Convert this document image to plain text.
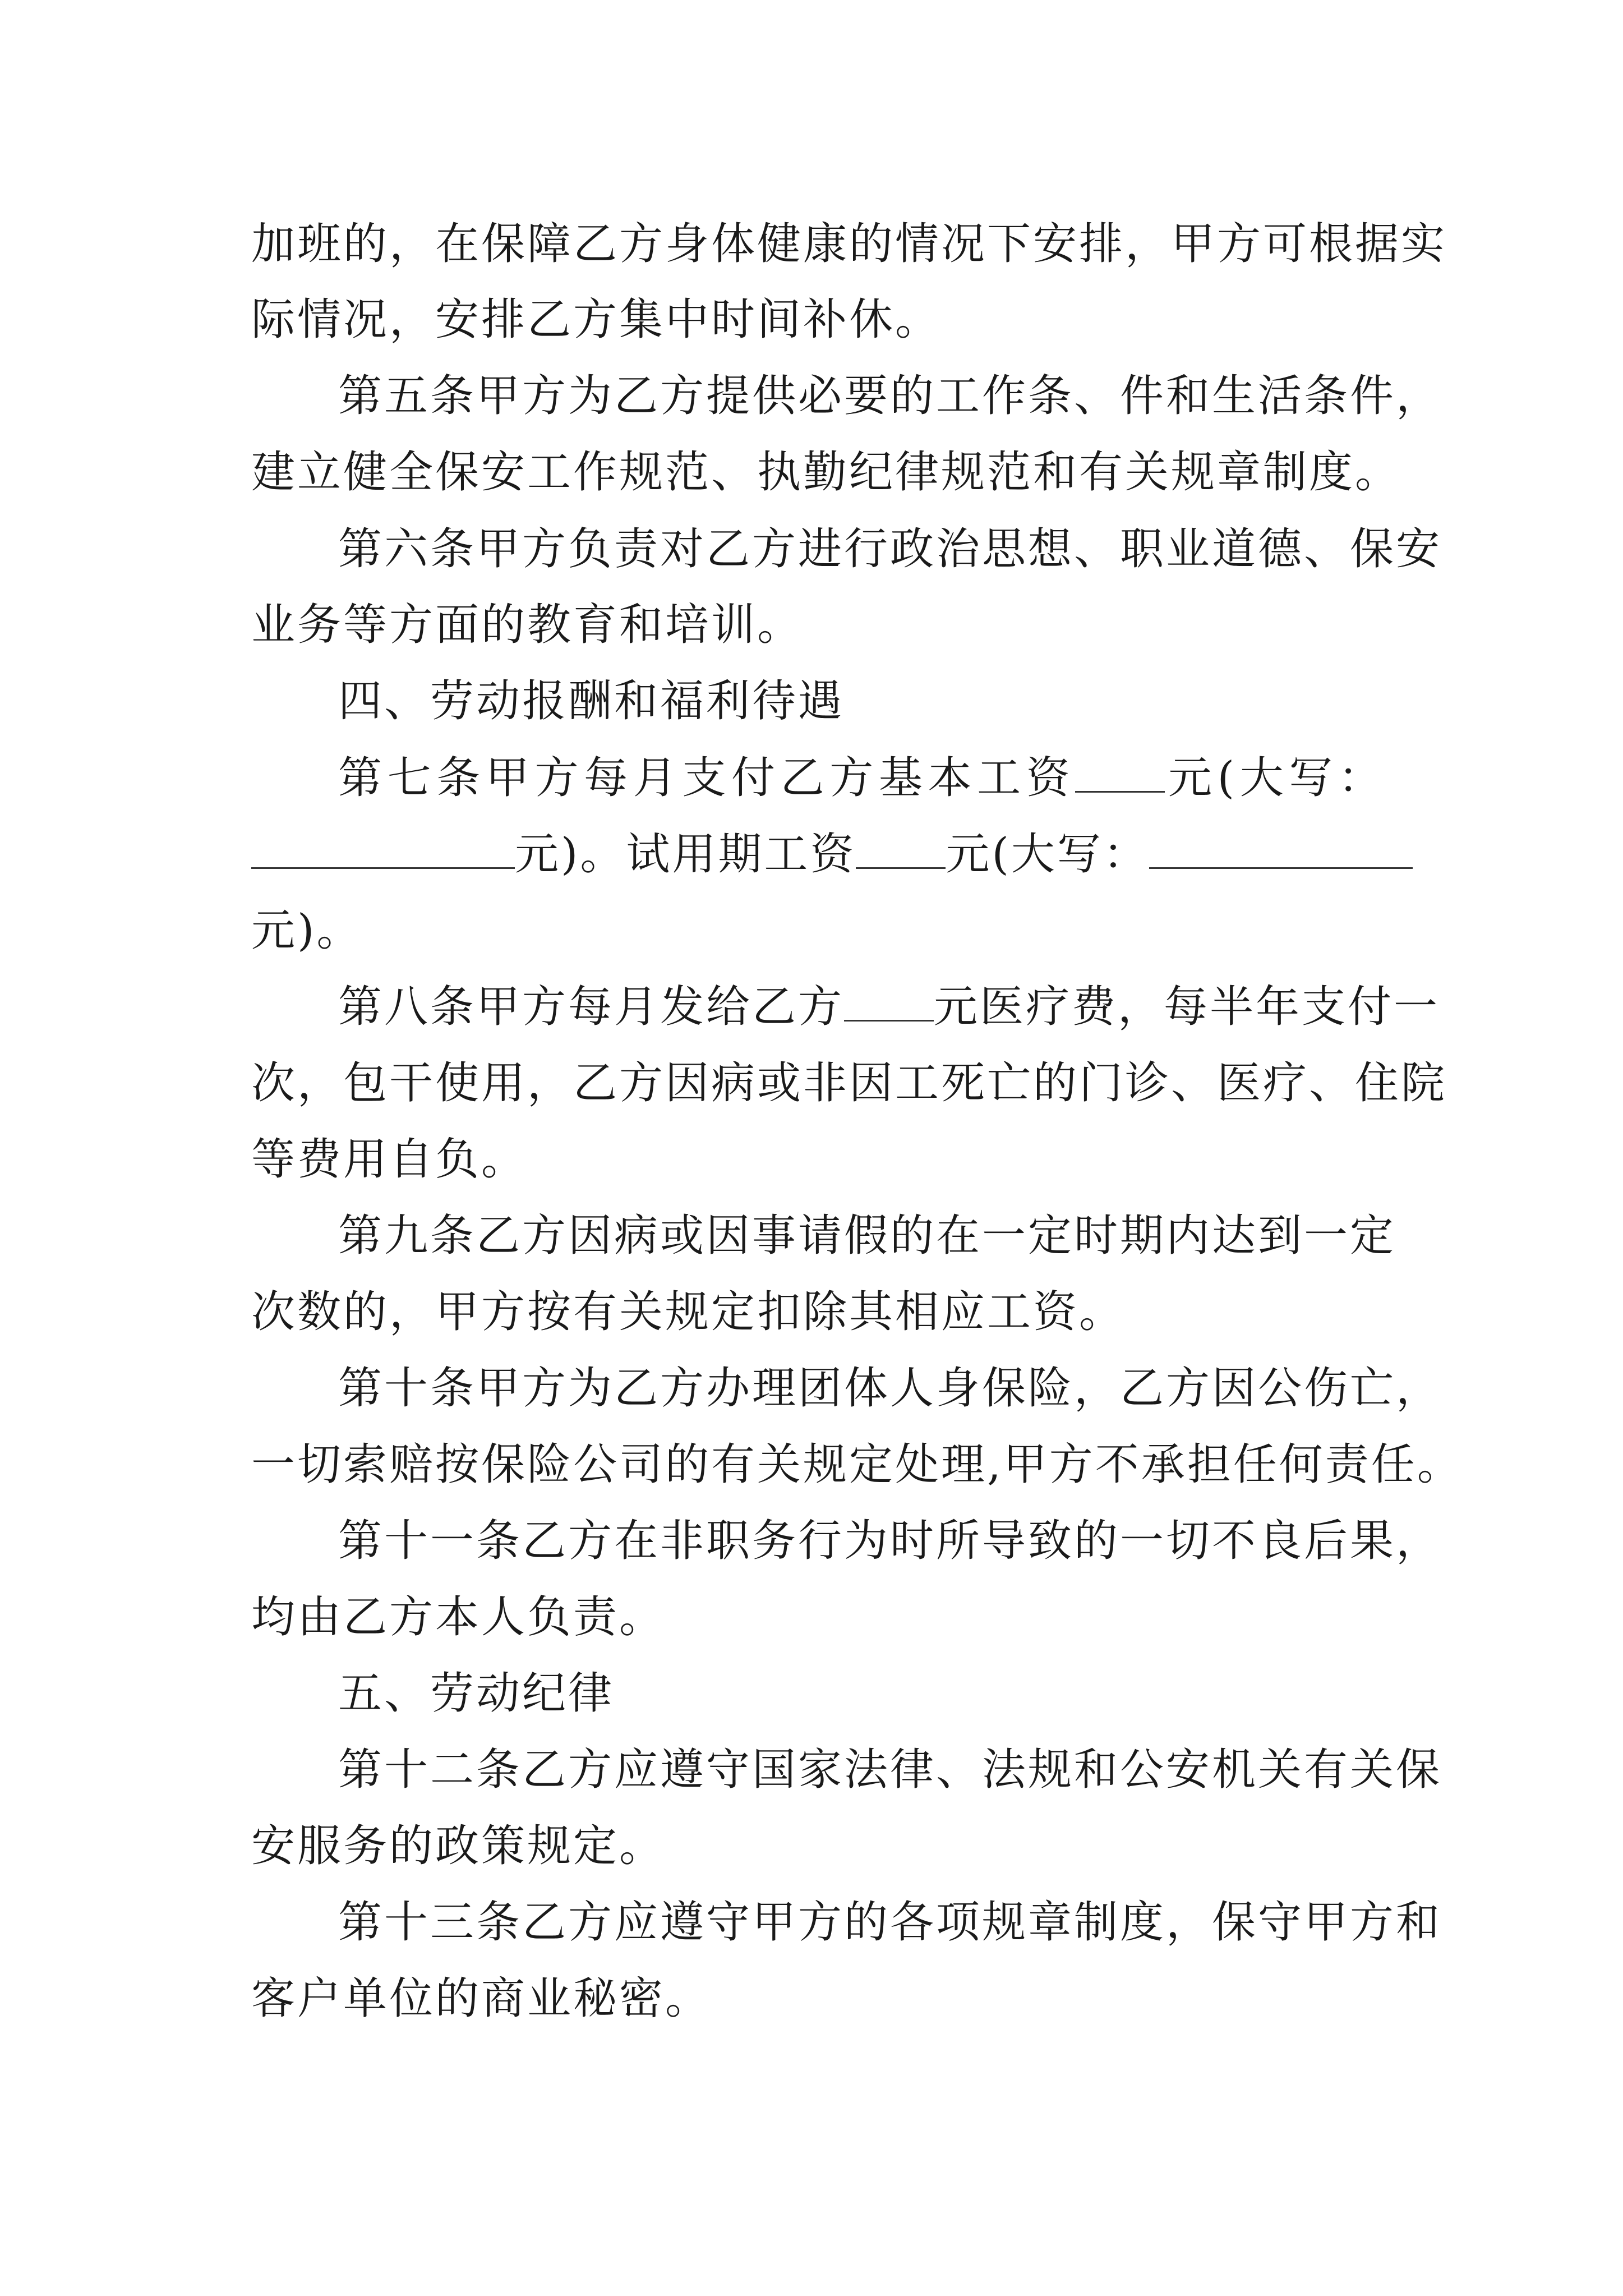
加班的，在保障乙方身体健康的情况下安排，甲方可根据实
际情况，安排乙方集中时间补休。
第五条甲方为乙方提供必要的工作条、件和生活条件，
建立健全保安工作规范、执勤纪律规范和有关规章制度。
第六条甲方负责对乙方进行政治思想、职业道德、保安
业务等方面的教育和培训。
四、劳动报酬和福利待遇
第七条甲方每月支付乙方基本工资 元(大写：
元)。试用期工资 元(大写：
元)。
第八条甲方每月发给乙方 元医疗费，每半年支付一
次，包干使用，乙方因病或非因工死亡的门诊、医疗、住院
等费用自负。
第九条乙方因病或因事请假的在一定时期内达到一定
次数的，甲方按有关规定扣除其相应工资。
第十条甲方为乙方办理团体人身保险，乙方因公伤亡，
一切索赔按保险公司的有关规定处理,甲方不承担任何责任。
第十一条乙方在非职务行为时所导致的一切不良后果，
均由乙方本人负责。
五、劳动纪律
第十二条乙方应遵守国家法律、法规和公安机关有关保
安服务的政策规定。
第十三条乙方应遵守甲方的各项规章制度，保守甲方和
客户单位的商业秘密。
